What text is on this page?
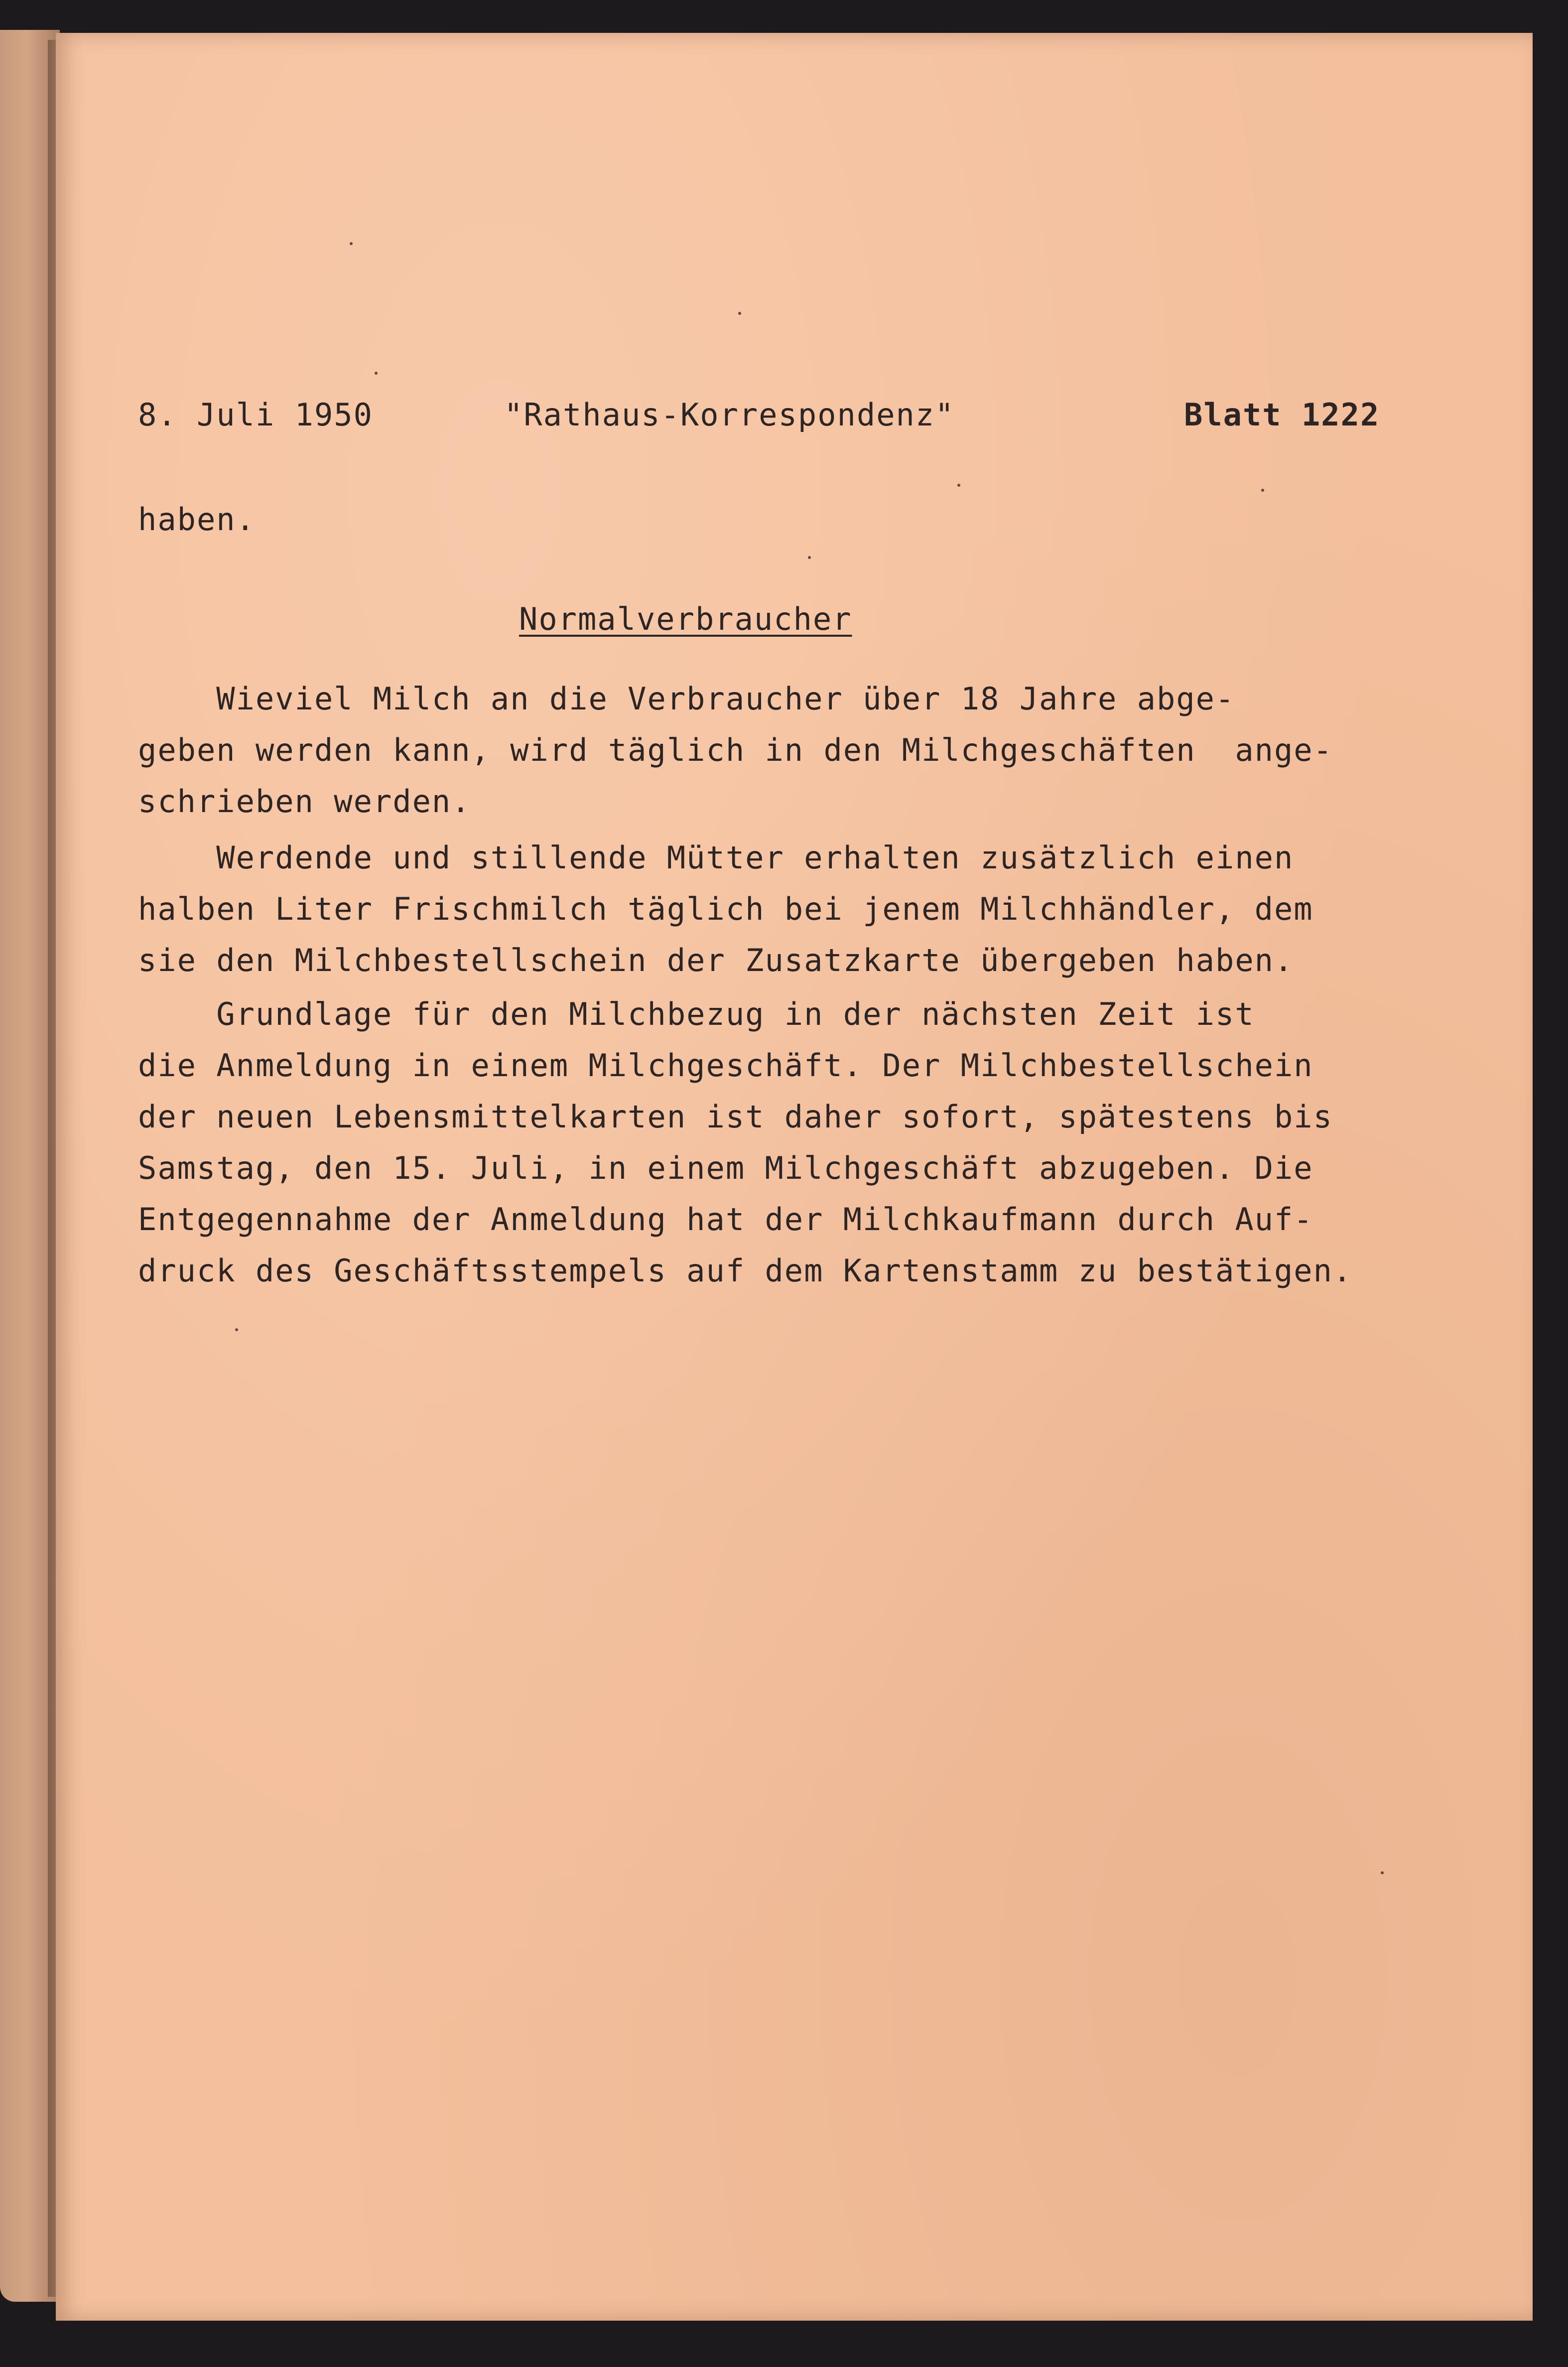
8. Juli 1950	"Rathaus-Korrespondenz"	Blatt 1222
haben.
Normalverbraucher
Wieviel Milch an die Verbraucher über 18 Jahre abge-
geben werden kann, wird täglich in den Milchgeschäften  ange-
schrieben werden.
Werdende und stillende Mütter erhalten zusätzlich einen
halben Liter Frischmilch täglich bei jenem Milchhändler, dem
sie den Milchbestellschein der Zusatzkarte übergeben haben.
Grundlage für den Milchbezug in der nächsten Zeit ist
die Anmeldung in einem Milchgeschäft. Der Milchbestellschein
der neuen Lebensmittelkarten ist daher sofort, spätestens bis
Samstag, den 15. Juli, in einem Milchgeschäft abzugeben. Die
Entgegennahme der Anmeldung hat der Milchkaufmann durch Auf-
druck des Geschäftsstempels auf dem Kartenstamm zu bestätigen.
